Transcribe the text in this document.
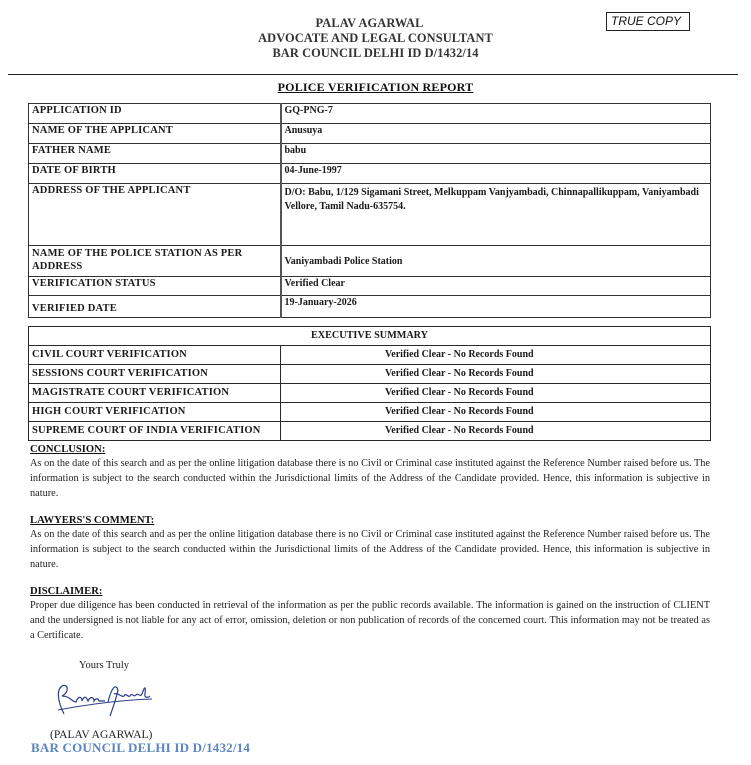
PALAV AGARWAL
ADVOCATE AND LEGAL CONSULTANT
BAR COUNCIL DELHI ID D/1432/14
TRUE COPY
POLICE VERIFICATION REPORT
APPLICATION ID	GQ-PNG-7
NAME OF THE APPLICANT	Anusuya
FATHER NAME	babu
DATE OF BIRTH	04-June-1997
ADDRESS OF THE APPLICANT	D/O: Babu, 1/129 Sigamani Street, Melkuppam Vanjyambadi, Chinnapallikuppam, Vaniyambadi Vellore, Tamil Nadu-635754.
NAME OF THE POLICE STATION AS PER ADDRESS	Vaniyambadi Police Station
VERIFICATION STATUS	Verified Clear
VERIFIED DATE	19-January-2026
EXECUTIVE SUMMARY	
CIVIL COURT VERIFICATION	Verified Clear - No Records Found
SESSIONS COURT VERIFICATION	Verified Clear - No Records Found
MAGISTRATE COURT VERIFICATION	Verified Clear - No Records Found
HIGH COURT VERIFICATION	Verified Clear - No Records Found
SUPREME COURT OF INDIA VERIFICATION	Verified Clear - No Records Found
CONCLUSION:
As on the date of this search and as per the online litigation database there is no Civil or Criminal case instituted against the Reference Number raised before us. The information is subject to the search conducted within the Jurisdictional limits of the Address of the Candidate provided. Hence, this information is subjective in nature.
LAWYERS'S COMMENT:
As on the date of this search and as per the online litigation database there is no Civil or Criminal case instituted against the Reference Number raised before us. The information is subject to the search conducted within the Jurisdictional limits of the Address of the Candidate provided. Hence, this information is subjective in nature.
DISCLAIMER:
Proper due diligence has been conducted in retrieval of the information as per the public records available. The information is gained on the instruction of CLIENT and the undersigned is not liable for any act of error, omission, deletion or non publication of records of the concerned court. This information may not be treated as a Certificate.
Yours Truly
(PALAV AGARWAL)
BAR COUNCIL DELHI ID D/1432/14
